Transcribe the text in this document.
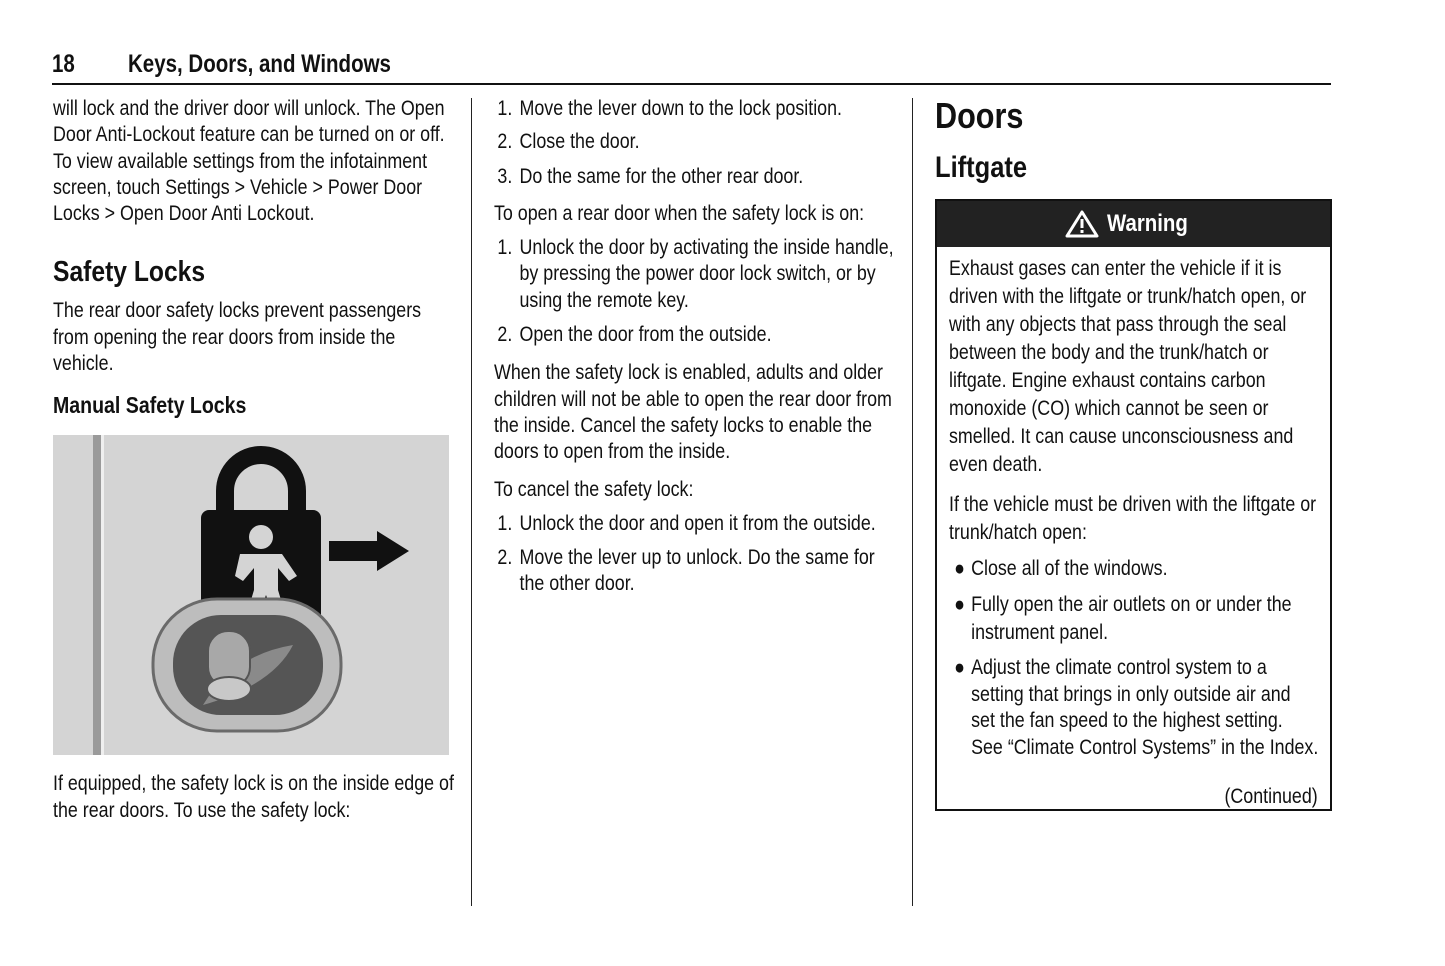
18 Keys, Doors, and Windows

will lock and the driver door will unlock. The Open Door Anti-Lockout feature can be turned on or off. To view available settings from the infotainment screen, touch Settings > Vehicle > Power Door Locks > Open Door Anti Lockout.

Safety Locks

The rear door safety locks prevent passengers from opening the rear doors from inside the vehicle.

Manual Safety Locks

If equipped, the safety lock is on the inside edge of the rear doors. To use the safety lock:

1. Move the lever down to the lock position.
2. Close the door.
3. Do the same for the other rear door.

To open a rear door when the safety lock is on:

1. Unlock the door by activating the inside handle, by pressing the power door lock switch, or by using the remote key.
2. Open the door from the outside.

When the safety lock is enabled, adults and older children will not be able to open the rear door from the inside. Cancel the safety locks to enable the doors to open from the inside.

To cancel the safety lock:

1. Unlock the door and open it from the outside.
2. Move the lever up to unlock. Do the same for the other door.
Doors
Liftgate
Warning

Exhaust gases can enter the vehicle if it is driven with the liftgate or trunk/hatch open, or with any objects that pass through the seal between the body and the trunk/hatch or liftgate. Engine exhaust contains carbon monoxide (CO) which cannot be seen or smelled. It can cause unconsciousness and even death.

If the vehicle must be driven with the liftgate or trunk/hatch open:

● Close all of the windows.
● Fully open the air outlets on or under the instrument panel.
● Adjust the climate control system to a setting that brings in only outside air and set the fan speed to the highest setting. See “Climate Control Systems” in the Index.
(Continued)
